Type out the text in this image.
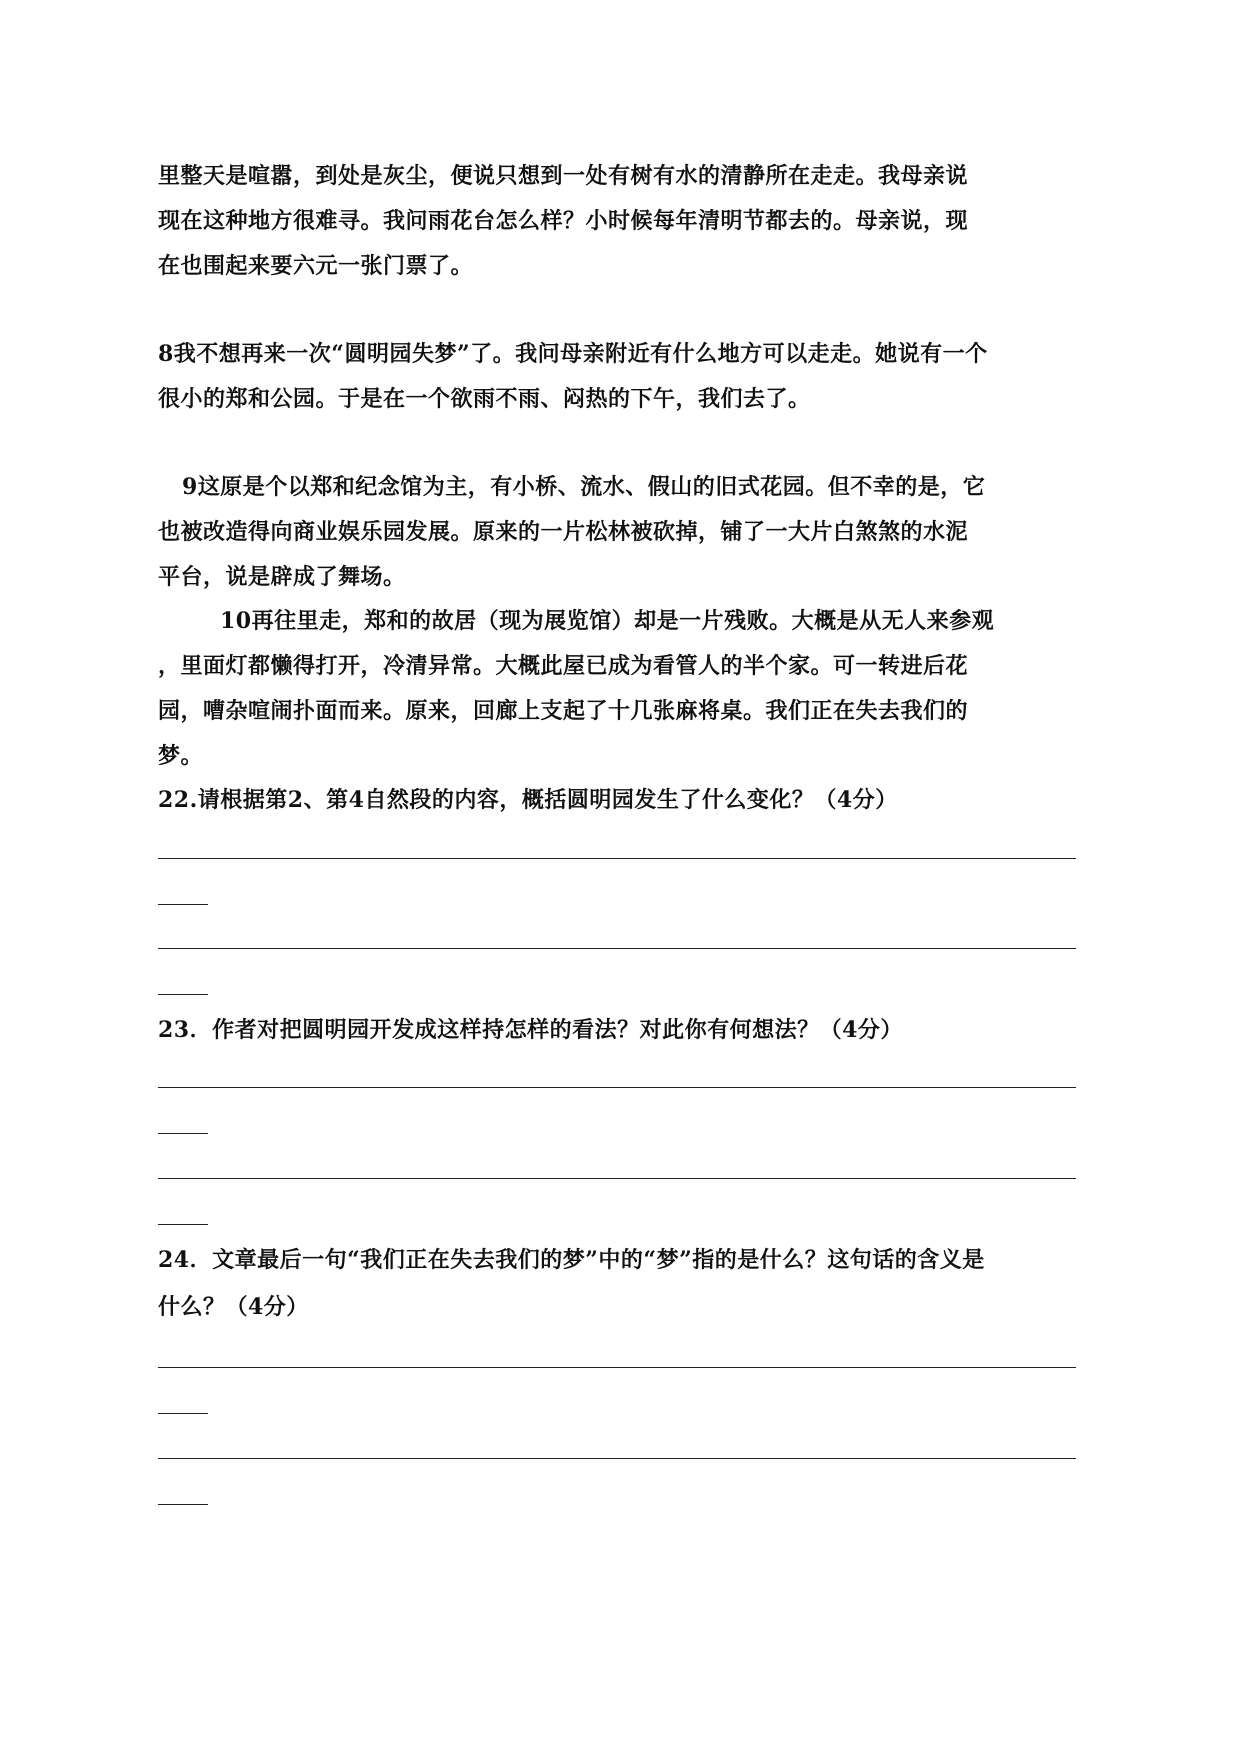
里整天是喧嚣，到处是灰尘，便说只想到一处有树有水的清静所在走走。我母亲说
现在这种地方很难寻。我问雨花台怎么样？小时候每年清明节都去的。母亲说，现
在也围起来要六元一张门票了。
8我不想再来一次“圆明园失梦”了。我问母亲附近有什么地方可以走走。她说有一个
很小的郑和公园。于是在一个欲雨不雨、闷热的下午，我们去了。
9这原是个以郑和纪念馆为主，有小桥、流水、假山的旧式花园。但不幸的是，它
也被改造得向商业娱乐园发展。原来的一片松林被砍掉，铺了一大片白煞煞的水泥
平台，说是辟成了舞场。
10再往里走，郑和的故居（现为展览馆）却是一片残败。大概是从无人来参观
，里面灯都懒得打开，冷清异常。大概此屋已成为看管人的半个家。可一转进后花
园，嘈杂喧闹扑面而来。原来，回廊上支起了十几张麻将桌。我们正在失去我们的
梦。
22.请根据第2、第4自然段的内容，概括圆明园发生了什么变化？（4分）
23．作者对把圆明园开发成这样持怎样的看法？对此你有何想法？（4分）
24．文章最后一句“我们正在失去我们的梦”中的“梦”指的是什么？这句话的含义是
什么？（4分）
